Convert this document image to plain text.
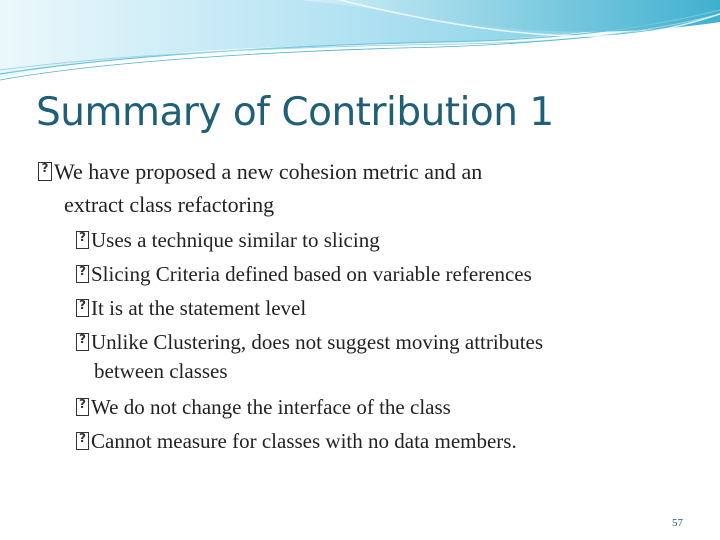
Summary of Contribution 1
?We have proposed a new cohesion metric and an
extract class refactoring
?Uses a technique similar to slicing
?Slicing Criteria defined based on variable references
?It is at the statement level
?Unlike Clustering, does not suggest moving attributes
between classes
?We do not change the interface of the class
?Cannot measure for classes with no data members.
57
